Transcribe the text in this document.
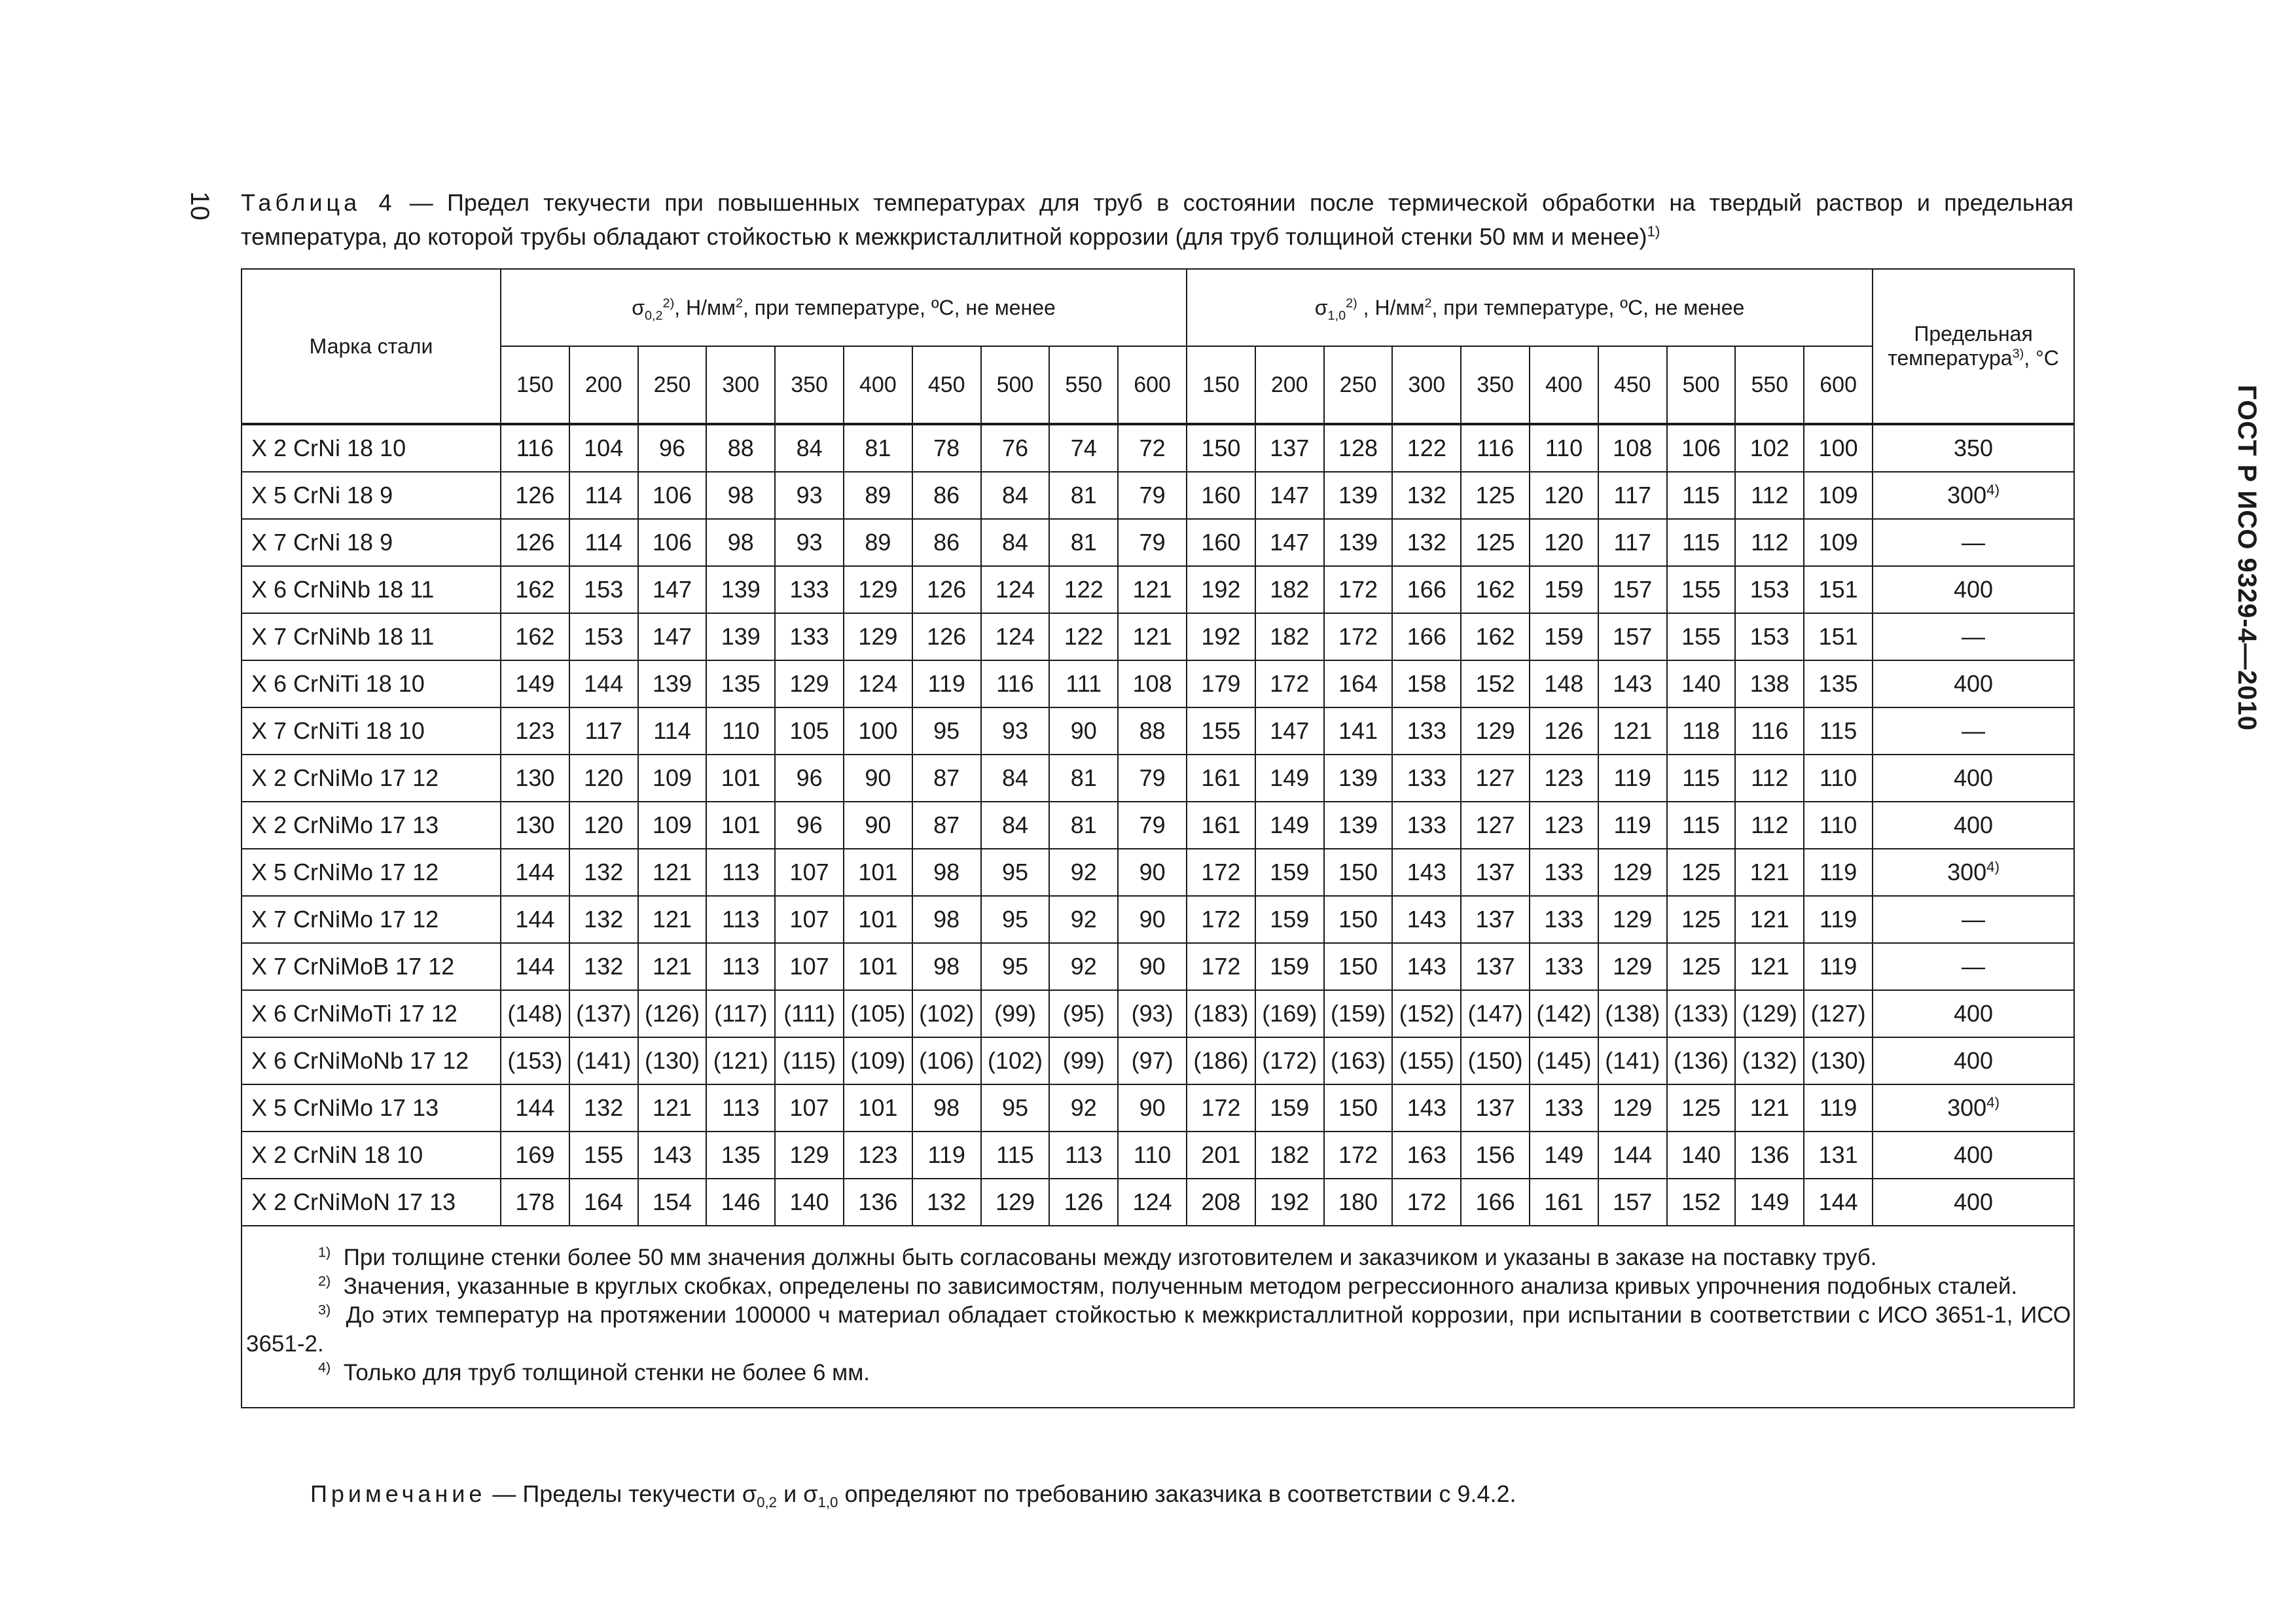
10
ГОСТ Р ИСО 9329-4—2010
Таблица 4 — Предел текучести при повышенных температурах для труб в состоянии после термической обработки на твердый раствор и предельная температура, до которой трубы обладают стойкостью к межкристаллитной коррозии (для труб толщиной стенки 50 мм и менее)$^{1)}$
Марка стали	$\sigma_{0,2}^{2)}$, $Н/мм^2$, при температуре, ºС, не менее										$\sigma_{1,0}^{2)}$ , $Н/мм^2$, при температуре, ºС, не менее										Предельная
температура$^{3)}$, °С
	150	200	250	300	350	400	450	500	550	600	150	200	250	300	350	400	450	500	550	600	
X 2 CrNi 18 10	116	104	96	88	84	81	78	76	74	72	150	137	128	122	116	110	108	106	102	100	350
X 5 CrNi 18 9	126	114	106	98	93	89	86	84	81	79	160	147	139	132	125	120	117	115	112	109	300$^{4)}$
X 7 CrNi 18 9	126	114	106	98	93	89	86	84	81	79	160	147	139	132	125	120	117	115	112	109	—
X 6 CrNiNb 18 11	162	153	147	139	133	129	126	124	122	121	192	182	172	166	162	159	157	155	153	151	400
X 7 CrNiNb 18 11	162	153	147	139	133	129	126	124	122	121	192	182	172	166	162	159	157	155	153	151	—
X 6 CrNiTi 18 10	149	144	139	135	129	124	119	116	111	108	179	172	164	158	152	148	143	140	138	135	400
X 7 CrNiTi 18 10	123	117	114	110	105	100	95	93	90	88	155	147	141	133	129	126	121	118	116	115	—
X 2 CrNiMo 17 12	130	120	109	101	96	90	87	84	81	79	161	149	139	133	127	123	119	115	112	110	400
X 2 CrNiMo 17 13	130	120	109	101	96	90	87	84	81	79	161	149	139	133	127	123	119	115	112	110	400
X 5 CrNiMo 17 12	144	132	121	113	107	101	98	95	92	90	172	159	150	143	137	133	129	125	121	119	300$^{4)}$
X 7 CrNiMo 17 12	144	132	121	113	107	101	98	95	92	90	172	159	150	143	137	133	129	125	121	119	—
X 7 CrNiMoB 17 12	144	132	121	113	107	101	98	95	92	90	172	159	150	143	137	133	129	125	121	119	—
X 6 CrNiMoTi 17 12	(148)	(137)	(126)	(117)	(111)	(105)	(102)	(99)	(95)	(93)	(183)	(169)	(159)	(152)	(147)	(142)	(138)	(133)	(129)	(127)	400
X 6 CrNiMoNb 17 12	(153)	(141)	(130)	(121)	(115)	(109)	(106)	(102)	(99)	(97)	(186)	(172)	(163)	(155)	(150)	(145)	(141)	(136)	(132)	(130)	400
X 5 CrNiMo 17 13	144	132	121	113	107	101	98	95	92	90	172	159	150	143	137	133	129	125	121	119	300$^{4)}$
X 2 CrNiN 18 10	169	155	143	135	129	123	119	115	113	110	201	182	172	163	156	149	144	140	136	131	400
X 2 CrNiMoN 17 13	178	164	154	146	140	136	132	129	126	124	208	192	180	172	166	161	157	152	149	144	400

$^{1)}$ При толщине стенки более 50 мм значения должны быть согласованы между изготовителем и заказчиком и указаны в заказе на поставку труб.
$^{2)}$ Значения, указанные в круглых скобках, определены по зависимостям, полученным методом регрессионного анализа кривых упрочнения подобных сталей.
$^{3)}$ До этих температур на протяжении 100000 ч материал обладает стойкостью к межкристаллитной коррозии, при испытании в соответствии с ИСО 3651-1, ИСО 3651-2.
$^{4)}$ Только для труб толщиной стенки не более 6 мм.																					
Примечание — Пределы текучести $\sigma_{0,2}$ и $\sigma_{1,0}$ определяют по требованию заказчика в соответствии с 9.4.2.
